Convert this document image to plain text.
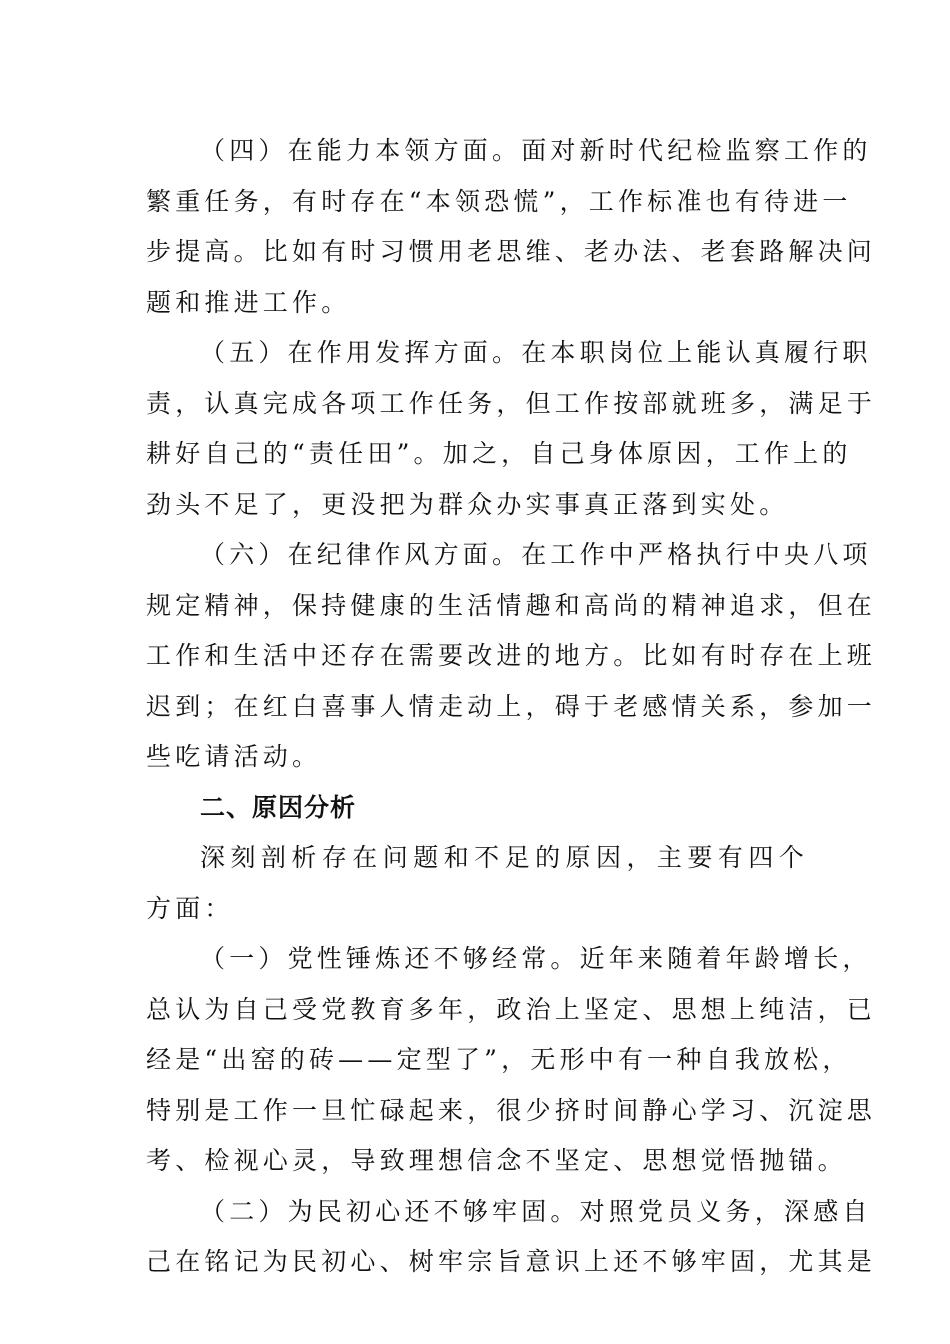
（四）在能力本领方面。面对新时代纪检监察工作的
繁重任务，有时存在“本领恐慌”，工作标准也有待进一
步提高。比如有时习惯用老思维、老办法、老套路解决问
题和推进工作。

（五）在作用发挥方面。在本职岗位上能认真履行职
责，认真完成各项工作任务，但工作按部就班多，满足于
耕好自己的“责任田”。加之，自己身体原因，工作上的
劲头不足了，更没把为群众办实事真正落到实处。

（六）在纪律作风方面。在工作中严格执行中央八项
规定精神，保持健康的生活情趣和高尚的精神追求，但在
工作和生活中还存在需要改进的地方。比如有时存在上班
迟到；在红白喜事人情走动上，碍于老感情关系，参加一
些吃请活动。

二、原因分析

深刻剖析存在问题和不足的原因，主要有四个方面：

（一）党性锤炼还不够经常。近年来随着年龄增长，
总认为自己受党教育多年，政治上坚定、思想上纯洁，已
经是“出窑的砖——定型了”，无形中有一种自我放松，
特别是工作一旦忙碌起来，很少挤时间静心学习、沉淀思
考、检视心灵，导致理想信念不坚定、思想觉悟抛锚。

（二）为民初心还不够牢固。对照党员义务，深感自
己在铭记为民初心、树牢宗旨意识上还不够牢固，尤其是
